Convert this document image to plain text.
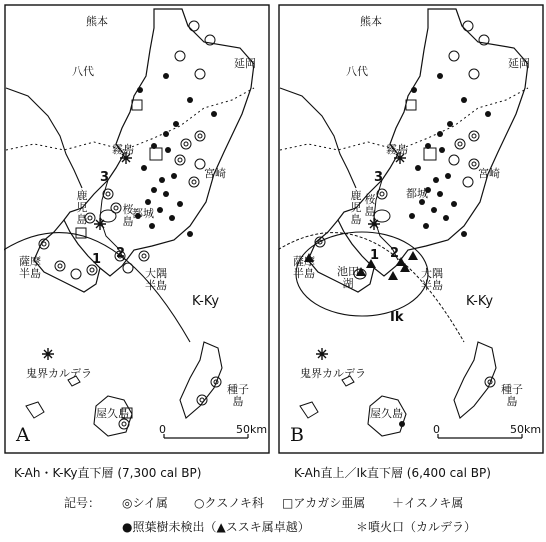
熊本
延岡
八代
霧島
宮崎
都城
鹿児島
桜島
薩摩半島	大隅半島
鬼界カルデラ
種子島
屋久島
K-Ky
1 2
3
0	50km
A
熊本
延岡
八代
霧島
宮崎
都城
鹿児島
桜島
薩摩半島	大隅半島
池田湖
鬼界カルデラ
種子島
屋久島
K-Ky
Ik
1 2
3
0	50km
B
K-Ah・K-Ky直下層 (7,300 cal BP)	K-Ah直上／Ik直下層 (6,400 cal BP)
記号： ◎シイ属 ○クスノキ科 □アカガシ亜属 ＋イスノキ属
●照葉樹未検出（▲ススキ属卓越）	＊噴火口（カルデラ）
